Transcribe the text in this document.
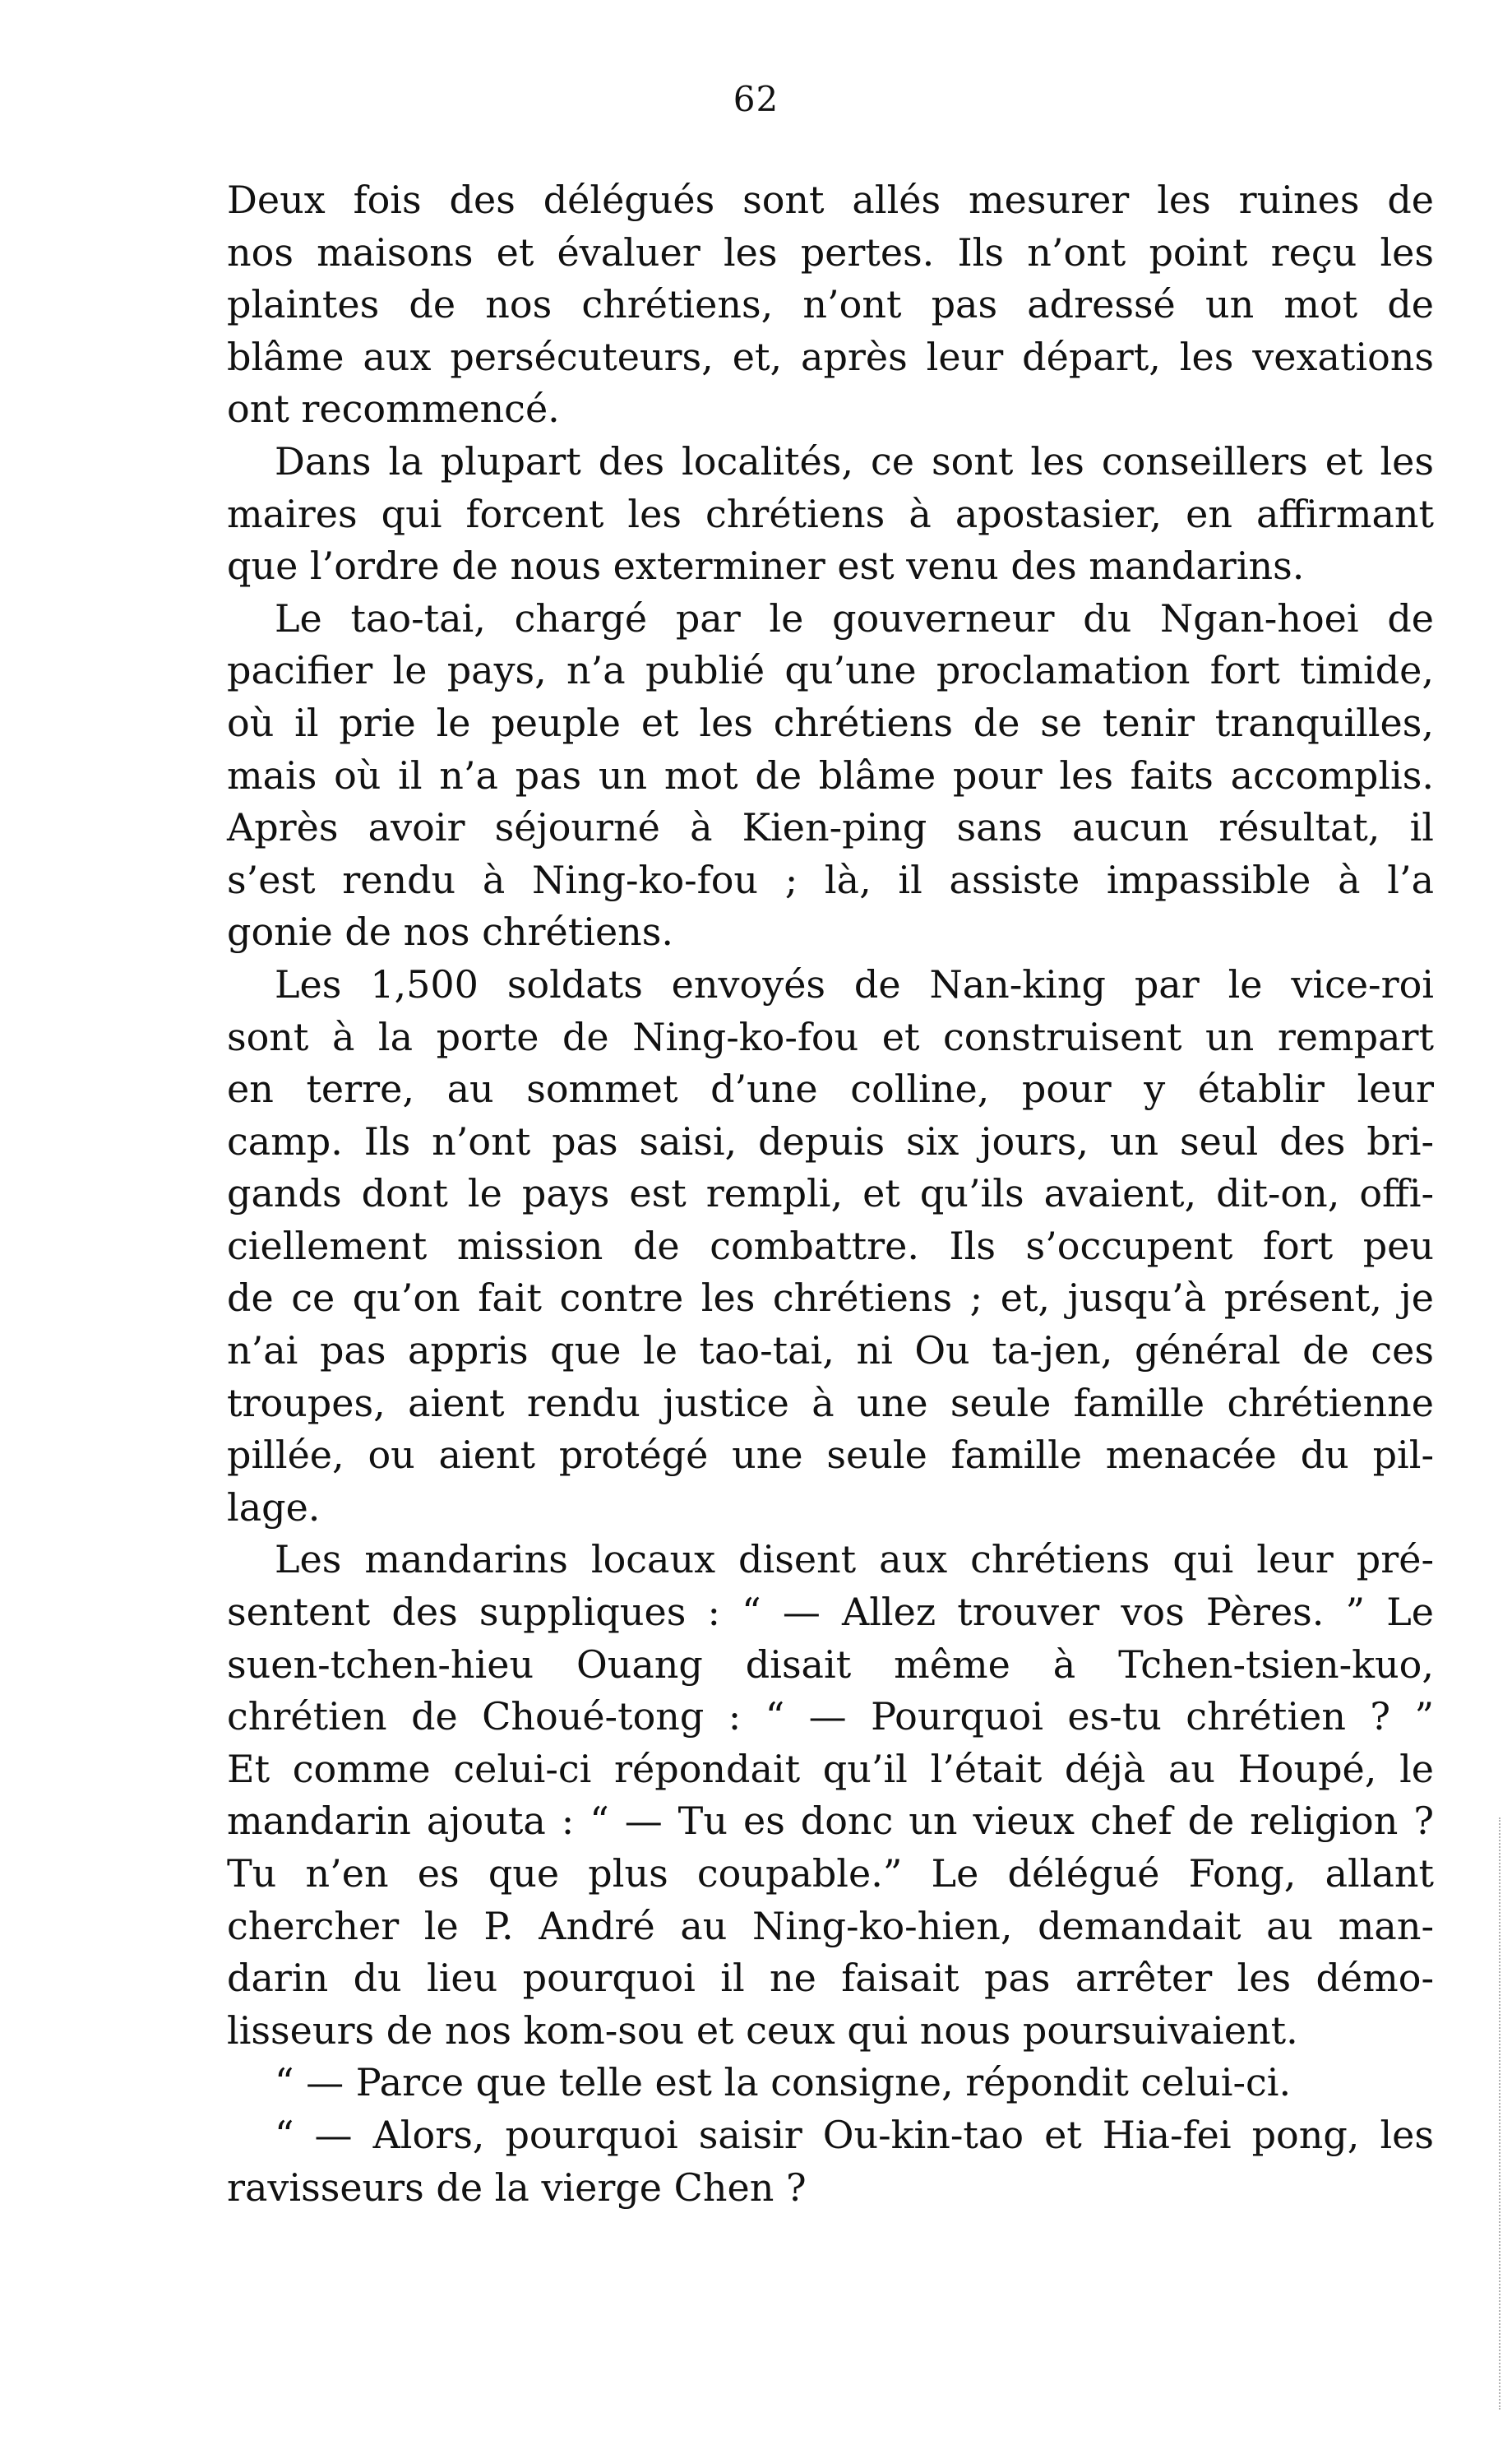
62
Deux fois des délégués sont allés mesurer les ruines de
nos maisons et évaluer les pertes. Ils n’ont point reçu les
plaintes de nos chrétiens, n’ont pas adressé un mot de
blâme aux persécuteurs, et, après leur départ, les vexations
ont recommencé.
Dans la plupart des localités, ce sont les conseillers et les
maires qui forcent les chrétiens à apostasier, en affirmant
que l’ordre de nous exterminer est venu des mandarins.
Le tao-tai, chargé par le gouverneur du Ngan-hoei de
pacifier le pays, n’a publié qu’une proclamation fort timide,
où il prie le peuple et les chrétiens de se tenir tranquilles,
mais où il n’a pas un mot de blâme pour les faits accomplis.
Après avoir séjourné à Kien-ping sans aucun résultat, il
s’est rendu à Ning-ko-fou ; là, il assiste impassible à l’a
gonie de nos chrétiens.
Les 1,500 soldats envoyés de Nan-king par le vice-roi
sont à la porte de Ning-ko-fou et construisent un rempart
en terre, au sommet d’une colline, pour y établir leur
camp. Ils n’ont pas saisi, depuis six jours, un seul des bri-
gands dont le pays est rempli, et qu’ils avaient, dit-on, offi-
ciellement mission de combattre. Ils s’occupent fort peu
de ce qu’on fait contre les chrétiens ; et, jusqu’à présent, je
n’ai pas appris que le tao-tai, ni Ou ta-jen, général de ces
troupes, aient rendu justice à une seule famille chrétienne
pillée, ou aient protégé une seule famille menacée du pil-
lage.
Les mandarins locaux disent aux chrétiens qui leur pré-
sentent des suppliques : “ — Allez trouver vos Pères. ” Le
suen-tchen-hieu Ouang disait même à Tchen-tsien-kuo,
chrétien de Choué-tong : “ — Pourquoi es-tu chrétien ? ”
Et comme celui-ci répondait qu’il l’était déjà au Houpé, le
mandarin ajouta : “ — Tu es donc un vieux chef de religion ?
Tu n’en es que plus coupable.” Le délégué Fong, allant
chercher le P. André au Ning-ko-hien, demandait au man-
darin du lieu pourquoi il ne faisait pas arrêter les démo-
lisseurs de nos kom-sou et ceux qui nous poursuivaient.
“ — Parce que telle est la consigne, répondit celui-ci.
“ — Alors, pourquoi saisir Ou-kin-tao et Hia-fei pong, les
ravisseurs de la vierge Chen ?
